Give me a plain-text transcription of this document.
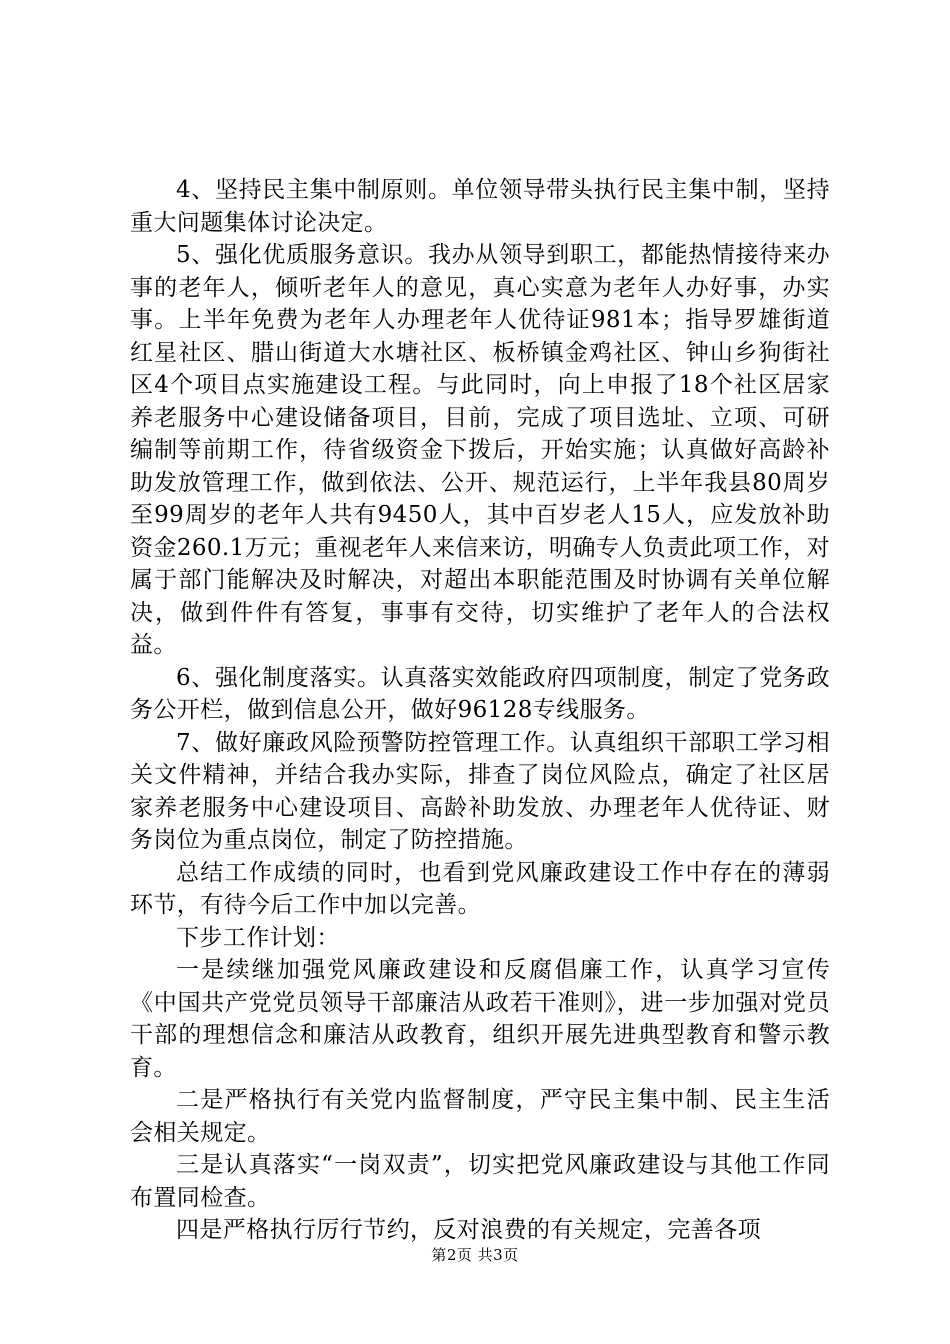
4、坚持民主集中制原则。单位领导带头执行民主集中制，坚持重大问题集体讨论决定。

5、强化优质服务意识。我办从领导到职工，都能热情接待来办事的老年人，倾听老年人的意见，真心实意为老年人办好事，办实事。上半年免费为老年人办理老年人优待证981本；指导罗雄街道红星社区、腊山街道大水塘社区、板桥镇金鸡社区、钟山乡狗街社区4个项目点实施建设工程。与此同时，向上申报了18个社区居家养老服务中心建设储备项目，目前，完成了项目选址、立项、可研编制等前期工作，待省级资金下拨后，开始实施；认真做好高龄补助发放管理工作，做到依法、公开、规范运行，上半年我县80周岁至99周岁的老年人共有9450人，其中百岁老人15人，应发放补助资金260.1万元；重视老年人来信来访，明确专人负责此项工作，对属于部门能解决及时解决，对超出本职能范围及时协调有关单位解决，做到件件有答复，事事有交待，切实维护了老年人的合法权益。

6、强化制度落实。认真落实效能政府四项制度，制定了党务政务公开栏，做到信息公开，做好96128专线服务。

7、做好廉政风险预警防控管理工作。认真组织干部职工学习相关文件精神，并结合我办实际，排查了岗位风险点，确定了社区居家养老服务中心建设项目、高龄补助发放、办理老年人优待证、财务岗位为重点岗位，制定了防控措施。

总结工作成绩的同时，也看到党风廉政建设工作中存在的薄弱环节，有待今后工作中加以完善。

下步工作计划：

一是续继加强党风廉政建设和反腐倡廉工作，认真学习宣传《中国共产党党员领导干部廉洁从政若干准则》，进一步加强对党员干部的理想信念和廉洁从政教育，组织开展先进典型教育和警示教育。

二是严格执行有关党内监督制度，严守民主集中制、民主生活会相关规定。

三是认真落实“一岗双责”，切实把党风廉政建设与其他工作同布置同检查。

四是严格执行厉行节约，反对浪费的有关规定，完善各项

第2页 共3页
